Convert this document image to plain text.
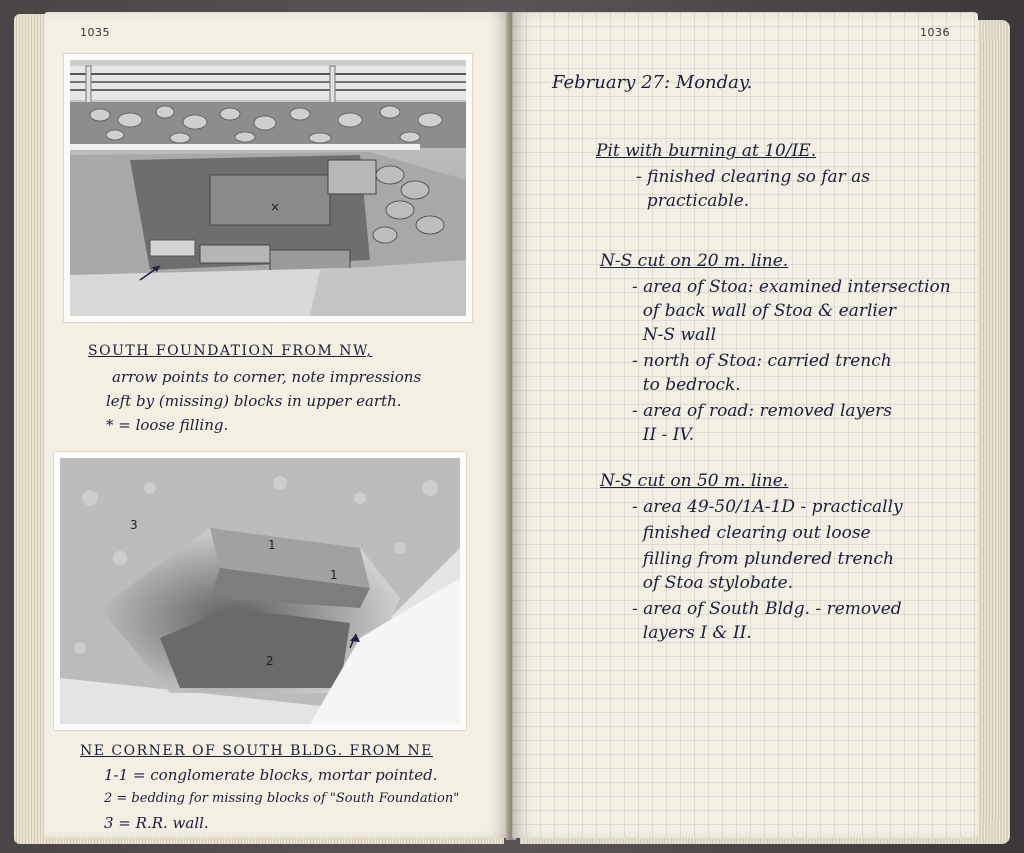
1035
×
SOUTH FOUNDATION FROM NW,
arrow points to corner, note impressions
left by (missing) blocks in upper earth.
* = loose filling.
1
1
2
3
NE CORNER OF SOUTH BLDG. FROM NE
1-1 = conglomerate blocks, mortar pointed.
2 = bedding for missing blocks of "South Foundation"
3 = R.R. wall.
1036
February 27: Monday.
Pit with burning at 10/IE.
- finished clearing so far as
practicable.
N-S cut on 20 m. line.
- area of Stoa: examined intersection
of back wall of Stoa & earlier
N-S wall
- north of Stoa: carried trench
to bedrock.
- area of road: removed layers
II - IV.
N-S cut on 50 m. line.
- area 49-50/1A-1D - practically
finished clearing out loose
filling from plundered trench
of Stoa stylobate.
- area of South Bldg. - removed
layers I & II.
